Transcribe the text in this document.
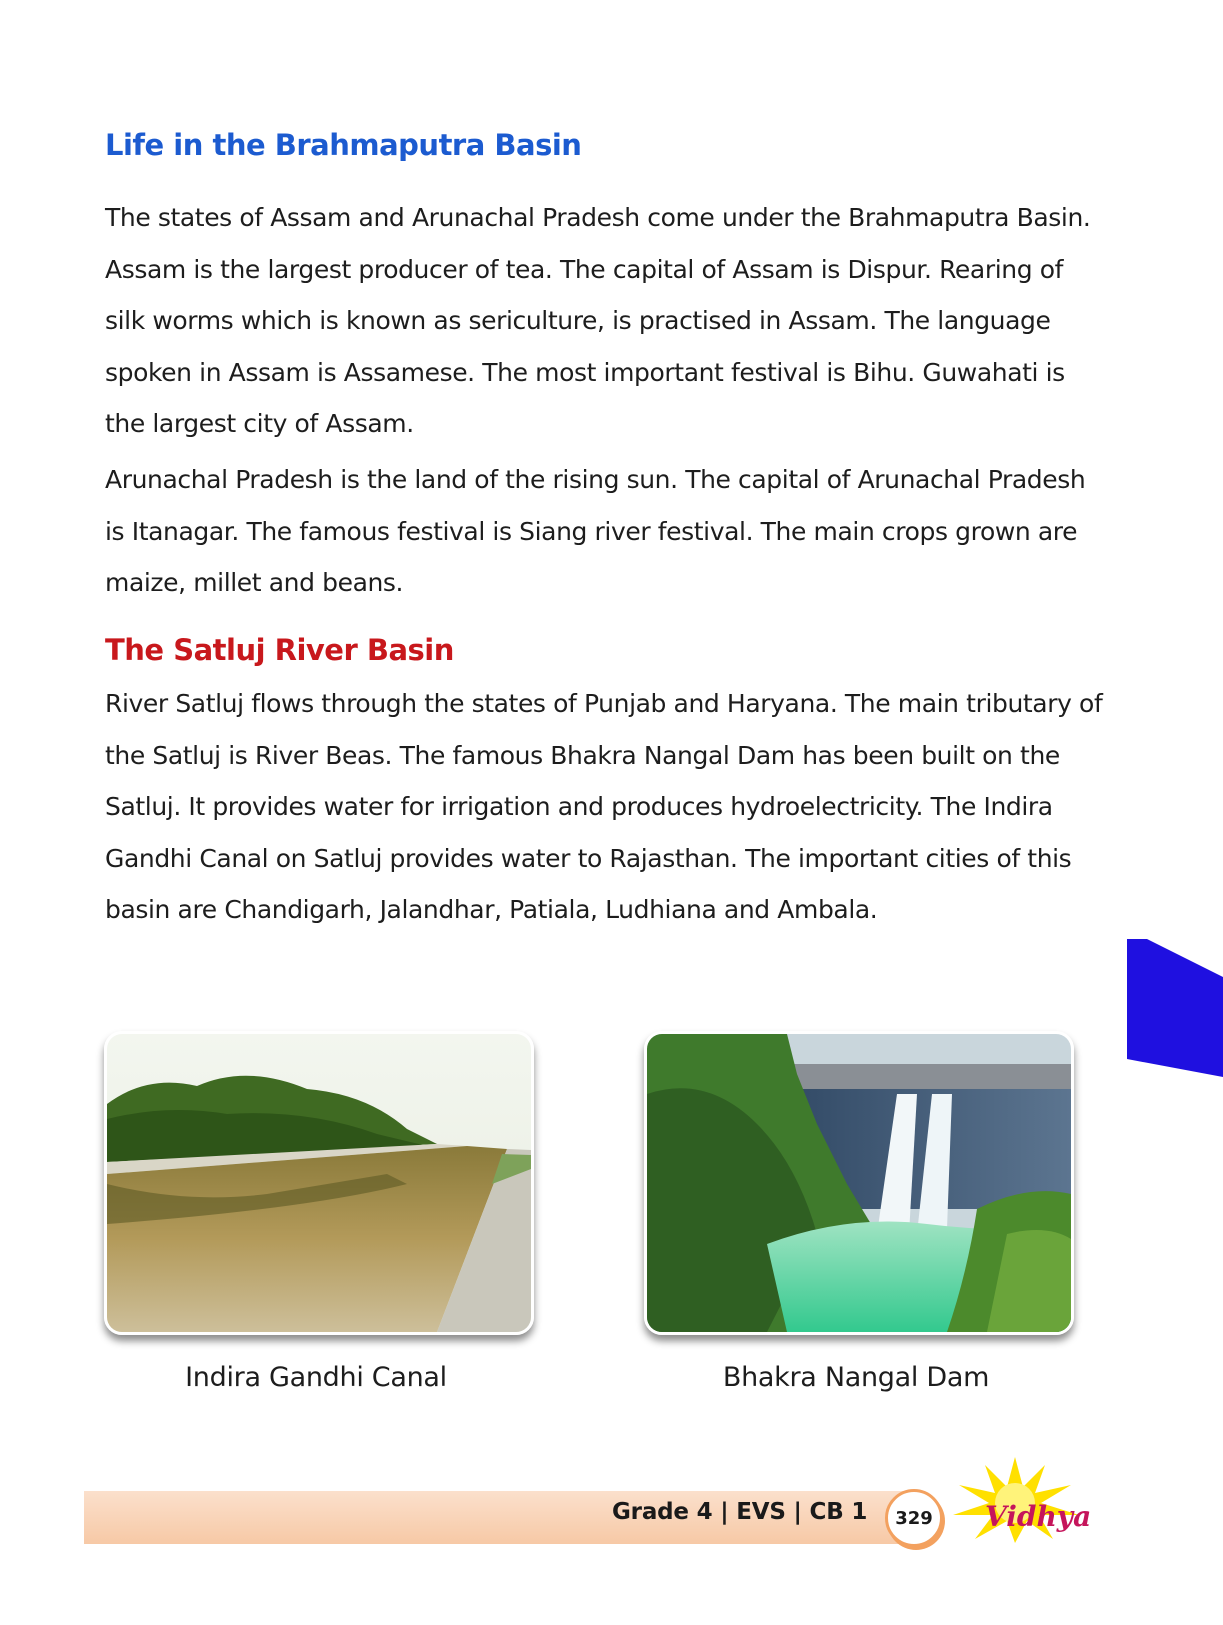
Life in the Brahmaputra Basin

The states of Assam and Arunachal Pradesh come under the Brahmaputra Basin. Assam is the largest producer of tea. The capital of Assam is Dispur. Rearing of silk worms which is known as sericulture, is practised in Assam. The language spoken in Assam is Assamese. The most important festival is Bihu. Guwahati is the largest city of Assam.

Arunachal Pradesh is the land of the rising sun. The capital of Arunachal Pradesh is Itanagar. The famous festival is Siang river festival. The main crops grown are maize, millet and beans.

The Satluj River Basin

River Satluj flows through the states of Punjab and Haryana. The main tributary of the Satluj is River Beas. The famous Bhakra Nangal Dam has been built on the Satluj. It provides water for irrigation and produces hydroelectricity. The Indira Gandhi Canal on Satluj provides water to Rajasthan. The important cities of this basin are Chandigarh, Jalandhar, Patiala, Ludhiana and Ambala.

Indira Gandhi Canal	Bhakra Nangal Dam

Grade 4 | EVS | CB 1	329	Vidhya
